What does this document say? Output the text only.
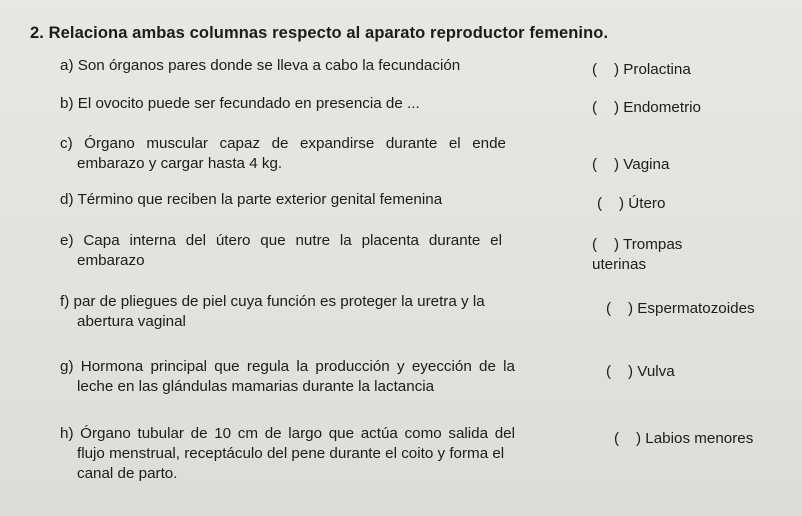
2. Relaciona ambas columnas respecto al aparato reproductor femenino.
a) Son órganos pares donde se lleva a cabo la fecundación
b) El ovocito puede ser fecundado en presencia de ...
c) Órgano muscular capaz de expandirse durante el ende
embarazo y cargar hasta 4 kg.
d) Término que reciben la parte exterior genital femenina
e) Capa interna del útero que nutre la placenta durante el
embarazo
f) par de pliegues de piel cuya función es proteger la uretra y la
abertura vaginal
g) Hormona principal que regula la producción y eyección de la
leche en las glándulas mamarias durante la lactancia
h) Órgano tubular de 10 cm de largo que actúa como salida del
flujo menstrual, receptáculo del pene durante el coito y forma el
canal de parto.
( ) Prolactina
( ) Endometrio
( ) Vagina
( ) Útero
( ) Trompas
uterinas
( ) Espermatozoides
( ) Vulva
( ) Labios menores
